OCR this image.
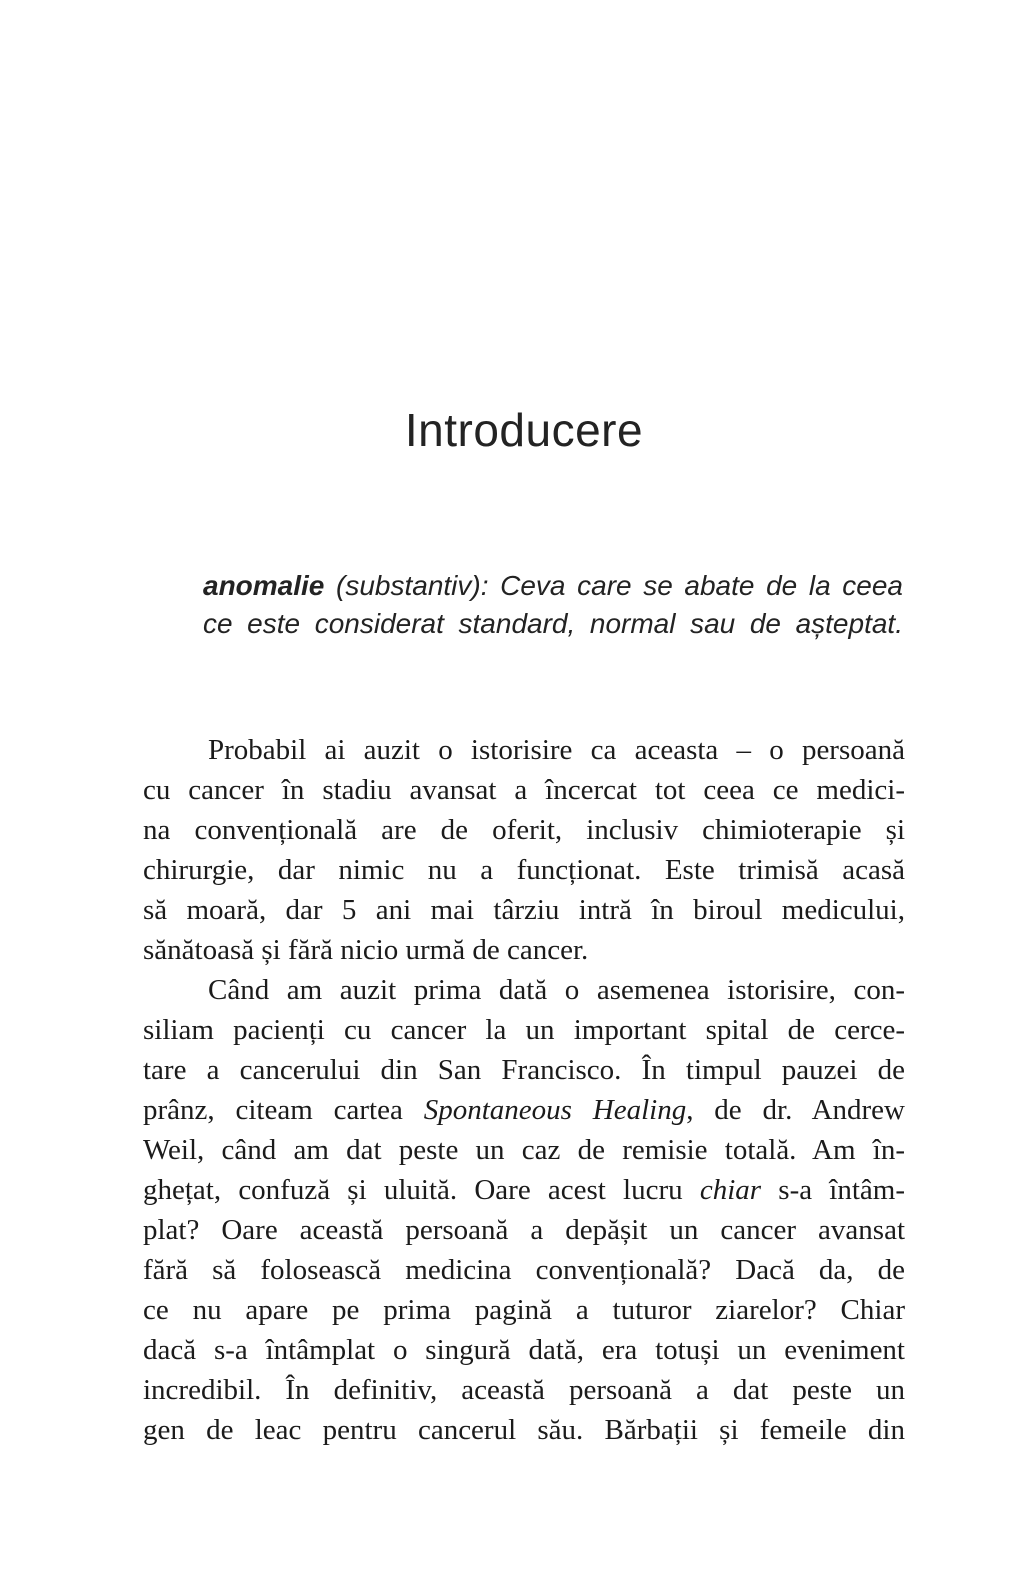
Introducere
anomalie (substantiv): Ceva care se abate de la ceea
ce este considerat standard, normal sau de așteptat.
Probabil ai auzit o istorisire ca aceasta – o persoană
cu cancer în stadiu avansat a încercat tot ceea ce medici-
na convențională are de oferit, inclusiv chimioterapie și
chirurgie, dar nimic nu a funcționat. Este trimisă acasă
să moară, dar 5 ani mai târziu intră în biroul medicului,
sănătoasă și fără nicio urmă de cancer.
Când am auzit prima dată o asemenea istorisire, con-
siliam pacienți cu cancer la un important spital de cerce-
tare a cancerului din San Francisco. În timpul pauzei de
prânz, citeam cartea Spontaneous Healing, de dr. Andrew
Weil, când am dat peste un caz de remisie totală. Am în-
ghețat, confuză și uluită. Oare acest lucru chiar s-a întâm-
plat? Oare această persoană a depășit un cancer avansat
fără să folosească medicina convențională? Dacă da, de
ce nu apare pe prima pagină a tuturor ziarelor? Chiar
dacă s-a întâmplat o singură dată, era totuși un eveniment
incredibil. În definitiv, această persoană a dat peste un
gen de leac pentru cancerul său. Bărbații și femeile din
